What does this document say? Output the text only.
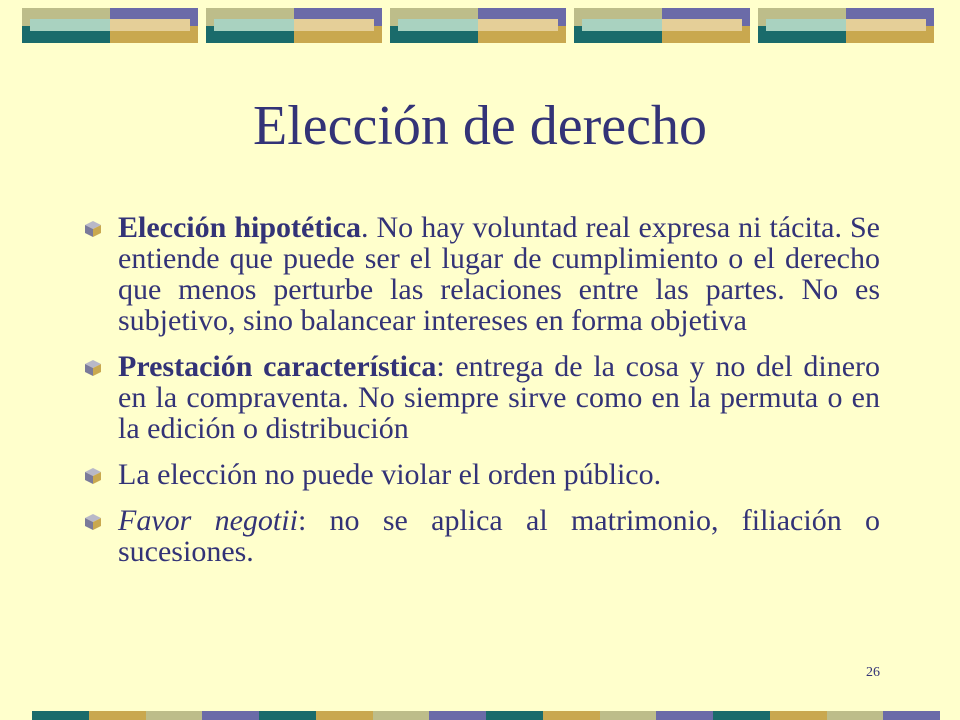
Elección de derecho
Elección hipotética. No hay voluntad real expresa ni tácita. Se entiende que puede ser el lugar de cumplimiento o el derecho que menos perturbe las relaciones entre las partes. No es subjetivo, sino balancear intereses en forma objetiva
Prestación característica: entrega de la cosa y no del dinero en la compraventa. No siempre sirve como en la permuta o en la edición o distribución
La elección no puede violar el orden público.
Favor negotii: no se aplica al matrimonio, filiación o sucesiones.
26
